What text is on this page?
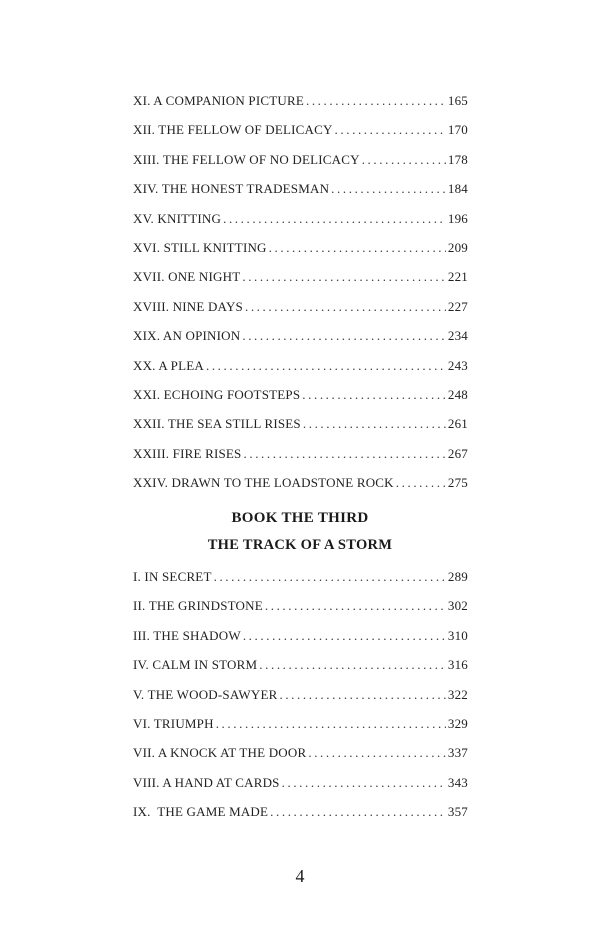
XI. A COMPANION PICTURE .....	165
XII. THE FELLOW OF DELICACY .....	170
XIII. THE FELLOW OF NO DELICACY .....	178
XIV. THE HONEST TRADESMAN .....	184
XV. KNITTING .....	196
XVI. STILL KNITTING .....	209
XVII. ONE NIGHT .....	221
XVIII. NINE DAYS .....	227
XIX. AN OPINION .....	234
XX. A PLEA .....	243
XXI. ECHOING FOOTSTEPS .....	248
XXII. THE SEA STILL RISES .....	261
XXIII. FIRE RISES .....	267
XXIV. DRAWN TO THE LOADSTONE ROCK .....	275
BOOK THE THIRD
THE TRACK OF A STORM
I. IN SECRET .....	289
II. THE GRINDSTONE .....	302
III. THE SHADOW .....	310
IV. CALM IN STORM .....	316
V. THE WOOD-SAWYER .....	322
VI. TRIUMPH .....	329
VII. A KNOCK AT THE DOOR .....	337
VIII. A HAND AT CARDS .....	343
IX.  THE GAME MADE .....	357
4
